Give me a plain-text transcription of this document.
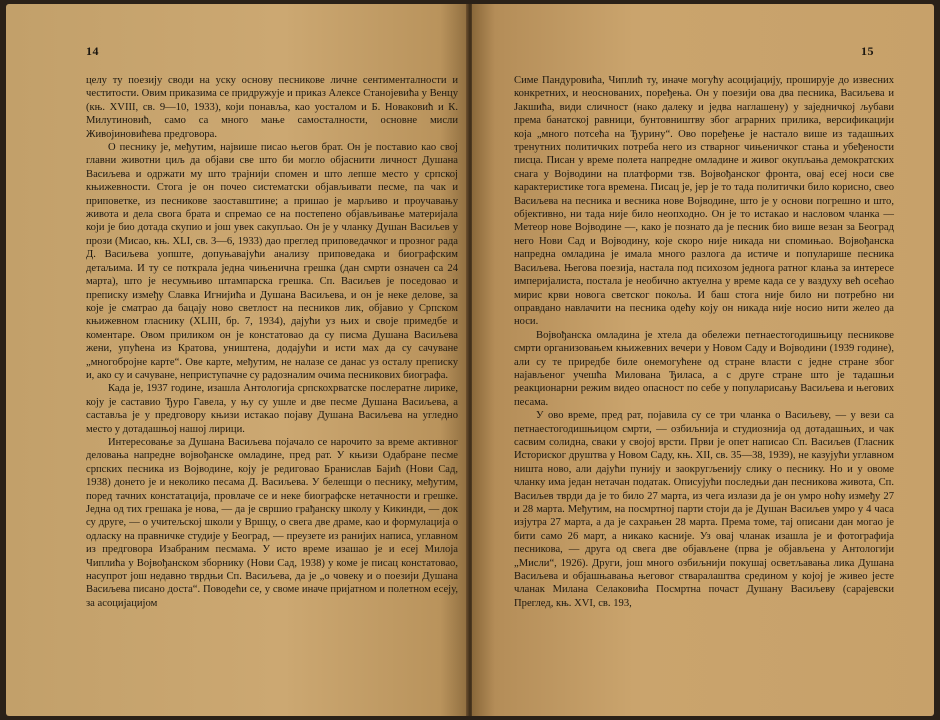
14

целу ту поезију своди на уску основу песникове личне сентименталности и честитости. Овим приказима се придружује и приказ Алексе Станојевића у Венцу (књ. XVIII, св. 9—10, 1933), који понавља, као уосталом и Б. Новаковић и К. Милутиновић, само са много мање самосталности, основне мисли Живојиновићева предговора.

О песнику је, међутим, највише писао његов брат. Он је поставио као свој главни животни циљ да објави све што би могло објаснити личност Душана Васиљева и одржати му што трајнији спомен и што лепше место у српској књижевности. Стога је он почео систематски објављивати песме, па чак и приповетке, из песникове заоставштине; а пришао је марљиво и проучавању живота и дела свога брата и спремао се на постепено објављивање материјала који је био дотада скупио и још увек сакупљао. Он је у чланку Душан Васиљев у прози (Мисао, књ. XLI, св. 3—6, 1933) дао преглед приповедачког и прозног рада Д. Васиљева уопште, допуњавајући анализу приповедака и биографским детаљима. И ту се поткрала једна чињенична грешка (дан смрти означен са 24 марта), што је несумњиво штампарска грешка. Сп. Васиљев је поседовао и преписку између Славка Игнијића и Душана Васиљева, и он је неке делове, за које је сматрао да бацају ново светлост на песников лик, објавио у Српском књижевном гласнику (XLIII, бр. 7, 1934), дајући уз њих и своје примедбе и коментаре. Овом приликом он је констатовао да су писма Душана Васиљева жени, упућена из Кратова, уништена, додајући и исти мах да су сачуване „многобројне карте“. Ове карте, међутим, не налазе се данас уз осталу преписку и, ако су и сачуване, неприступачне су радозналим очима песникових биографа.

Када је, 1937 године, изашла Антологија српскохрватске послератне лирике, коју је саставио Ђуро Гавела, у њу су ушле и две песме Душана Васиљева, а саставља је у предговору књизи истакао појаву Душана Васиљева на угледно место у дотадашњој нашој лирици.

Интересовање за Душана Васиљева појачало се нарочито за време активног деловања напредне војвођанске омладине, пред рат. У књизи Одабране песме српских песника из Војводине, коју је редиговао Бранислав Бајић (Нови Сад, 1938) донето је и неколико песама Д. Васиљева. У белешци о песнику, међутим, поред тачних констатација, провлаче се и неке биографске нетачности и грешке. Једна од тих грешака је нова, — да је свршио грађанску школу у Кикинди, — док су друге, — о учитељској школи у Вршцу, о свега две драме, као и формулација о одласку на правничке студије у Београд, — преузете из ранијих написа, углавном из предговора Изабраним песмама. У исто време изашао је и есеј Милоја Чиплића у Војвођанском зборнику (Нови Сад, 1938) у коме је писац констатовао, насупрот још недавно тврдњи Сп. Васиљева, да је „о човеку и о поезији Душана Васиљева писано доста“. Поводећи се, у своме иначе пријатном и полетном есеју, за асоцијацијом

15

Симе Пандуровића, Чиплић ту, иначе могућу асоцијацију, проширује до извесних конкретних, и неоснованих, поређења. Он у поезији ова два песника, Васиљева и Јакшића, види сличност (нако далеку и једва наглашену) у заједничкој љубави према банатској равници, бунтовништву због аграрних прилика, версификацији која „много потсећа на Ђурину“. Ово поређење је настало више из тадашњих тренутних политичких потреба него из стварног чињеничког стања и убеђености писца. Писан у време полета напредне омладине и живог окупљања демократских снага у Војводини на платформи тзв. Војвођанског фронта, овај есеј носи све карактеристике тога времена. Писац је, јер је то тада политички било корисно, свео Васиљева на песника и весника нове Војводине, што је у основи погрешно и што, објективно, ни тада није било неопходно. Он је то истакао и насловом чланка — Метеор нове Војводине —, како је познато да је песник био више везан за Београд него Нови Сад и Војводину, које скоро није никада ни спомињао. Војвођанска напредна омладина је имала много разлога да истиче и популарише песника Васиљева. Његова поезија, настала под психозом једнога ратног клања за интересе империјалиста, постала је необично актуелна у време када се у ваздуху већ осећао мирис крви новога светског покоља. И баш стога није било ни потребно ни оправдано навлачити на песника одећу коју он никада није носио нити желео да носи.

Војвођанска омладина је хтела да обележи петнаестогодишњицу песникове смрти организовањем књижевних вечери у Новом Саду и Војводини (1939 године), али су те приредбе биле онемогућене од стране власти с једне стране због најављеног учешћа Милована Ђиласа, а с друге стране што је тадашњи реакционарни режим видео опасност по себе у популарисању Васиљева и његових песама.

У ово време, пред рат, појавила су се три чланка о Васиљеву, — у вези са петнаестогодишњицом смрти, — озбиљнија и студиознија од дотадашњих, и чак сасвим солидна, сваки у својој врсти. Први је опет написао Сп. Васиљев (Гласник Историског друштва у Новом Саду, књ. XII, св. 35—38, 1939), не казујући углавном ништа ново, али дајући пунију и заокругљенију слику о песнику. Но и у овоме чланку има један нетачан податак. Описујући последњи дан песникова живота, Сп. Васиљев тврди да је то било 27 марта, из чега излази да је он умро ноћу између 27 и 28 марта. Међутим, на посмртној парти стоји да је Душан Васиљев умро у 4 часа изјутра 27 марта, а да је сахрањен 28 марта. Према томе, тај описани дан могао је бити само 26 март, а никако касније. Уз овај чланак изашла је и фотографија песникова, — друга од свега две објављене (прва је објављена у Антологији „Мисли“, 1926). Други, још много озбиљнији покушај осветљавања лика Душана Васиљева и објашњавања његовог стваралаштва средином у којој је живео јесте чланак Милана Селаковића Посмртна почаст Душану Васиљеву (сарајевски Преглед, књ. XVI, св. 193,
